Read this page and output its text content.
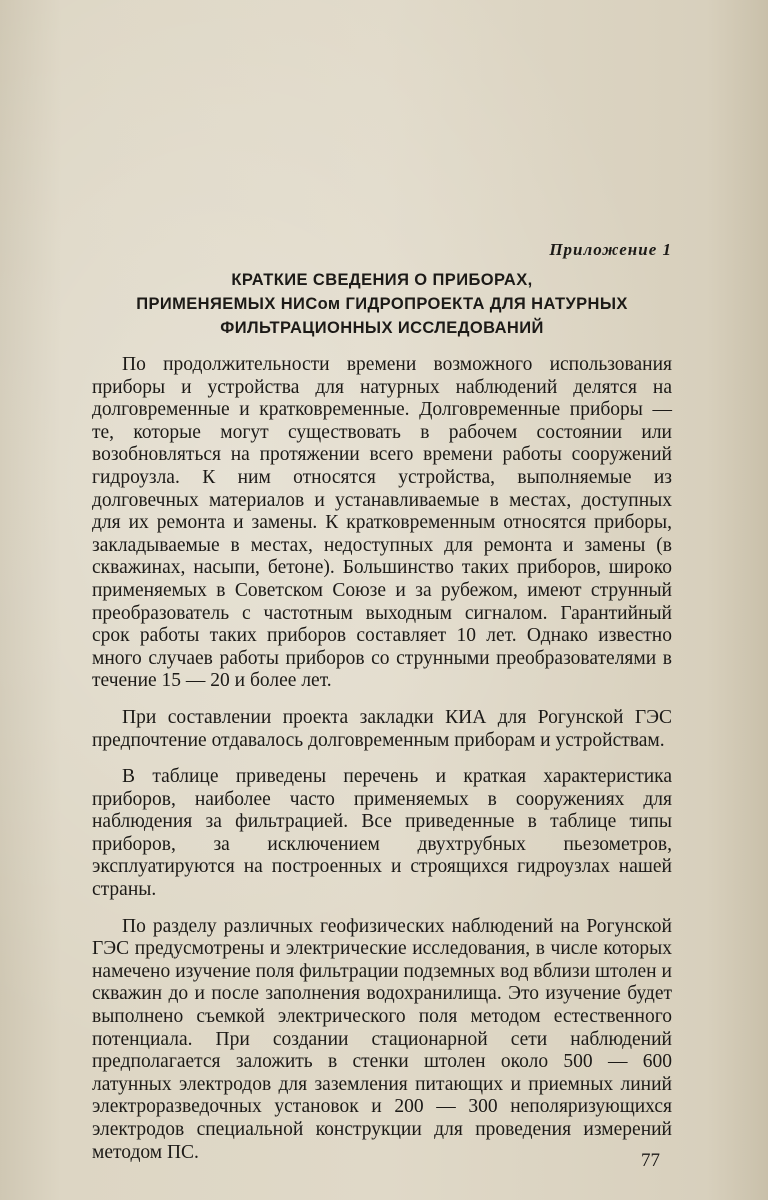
Приложение 1
КРАТКИЕ СВЕДЕНИЯ О ПРИБОРАХ,
ПРИМЕНЯЕМЫХ НИСом ГИДРОПРОЕКТА ДЛЯ НАТУРНЫХ
ФИЛЬТРАЦИОННЫХ ИССЛЕДОВАНИЙ

По продолжительности времени возможного использования приборы и устройства для натурных наблюдений делятся на долговременные и кратковременные. Долговременные приборы — те, которые могут существовать в рабочем состоянии или возобновляться на протяжении всего времени работы сооружений гидроузла. К ним относятся устройства, выполняемые из долговечных материалов и устанавливаемые в местах, доступных для их ремонта и замены. К кратковременным относятся приборы, закладываемые в местах, недоступных для ремонта и замены (в скважинах, насыпи, бетоне). Большинство таких приборов, широко применяемых в Советском Союзе и за рубежом, имеют струнный преобразователь с частотным выходным сигналом. Гарантийный срок работы таких приборов составляет 10 лет. Однако известно много случаев работы приборов со струнными преобразователями в течение 15 — 20 и более лет.

При составлении проекта закладки КИА для Рогунской ГЭС предпочтение отдавалось долговременным приборам и устройствам.

В таблице приведены перечень и краткая характеристика приборов, наиболее часто применяемых в сооружениях для наблюдения за фильтрацией. Все приведенные в таблице типы приборов, за исключением двухтрубных пьезометров, эксплуатируются на построенных и строящихся гидроузлах нашей страны.

По разделу различных геофизических наблюдений на Рогунской ГЭС предусмотрены и электрические исследования, в числе которых намечено изучение поля фильтрации подземных вод вблизи штолен и скважин до и после заполнения водохранилища. Это изучение будет выполнено съемкой электрического поля методом естественного потенциала. При создании стационарной сети наблюдений предполагается заложить в стенки штолен около 500 — 600 латунных электродов для заземления питающих и приемных линий электроразведочных установок и 200 — 300 неполяризующихся электродов специальной конструкции для проведения измерений методом ПС.	77
